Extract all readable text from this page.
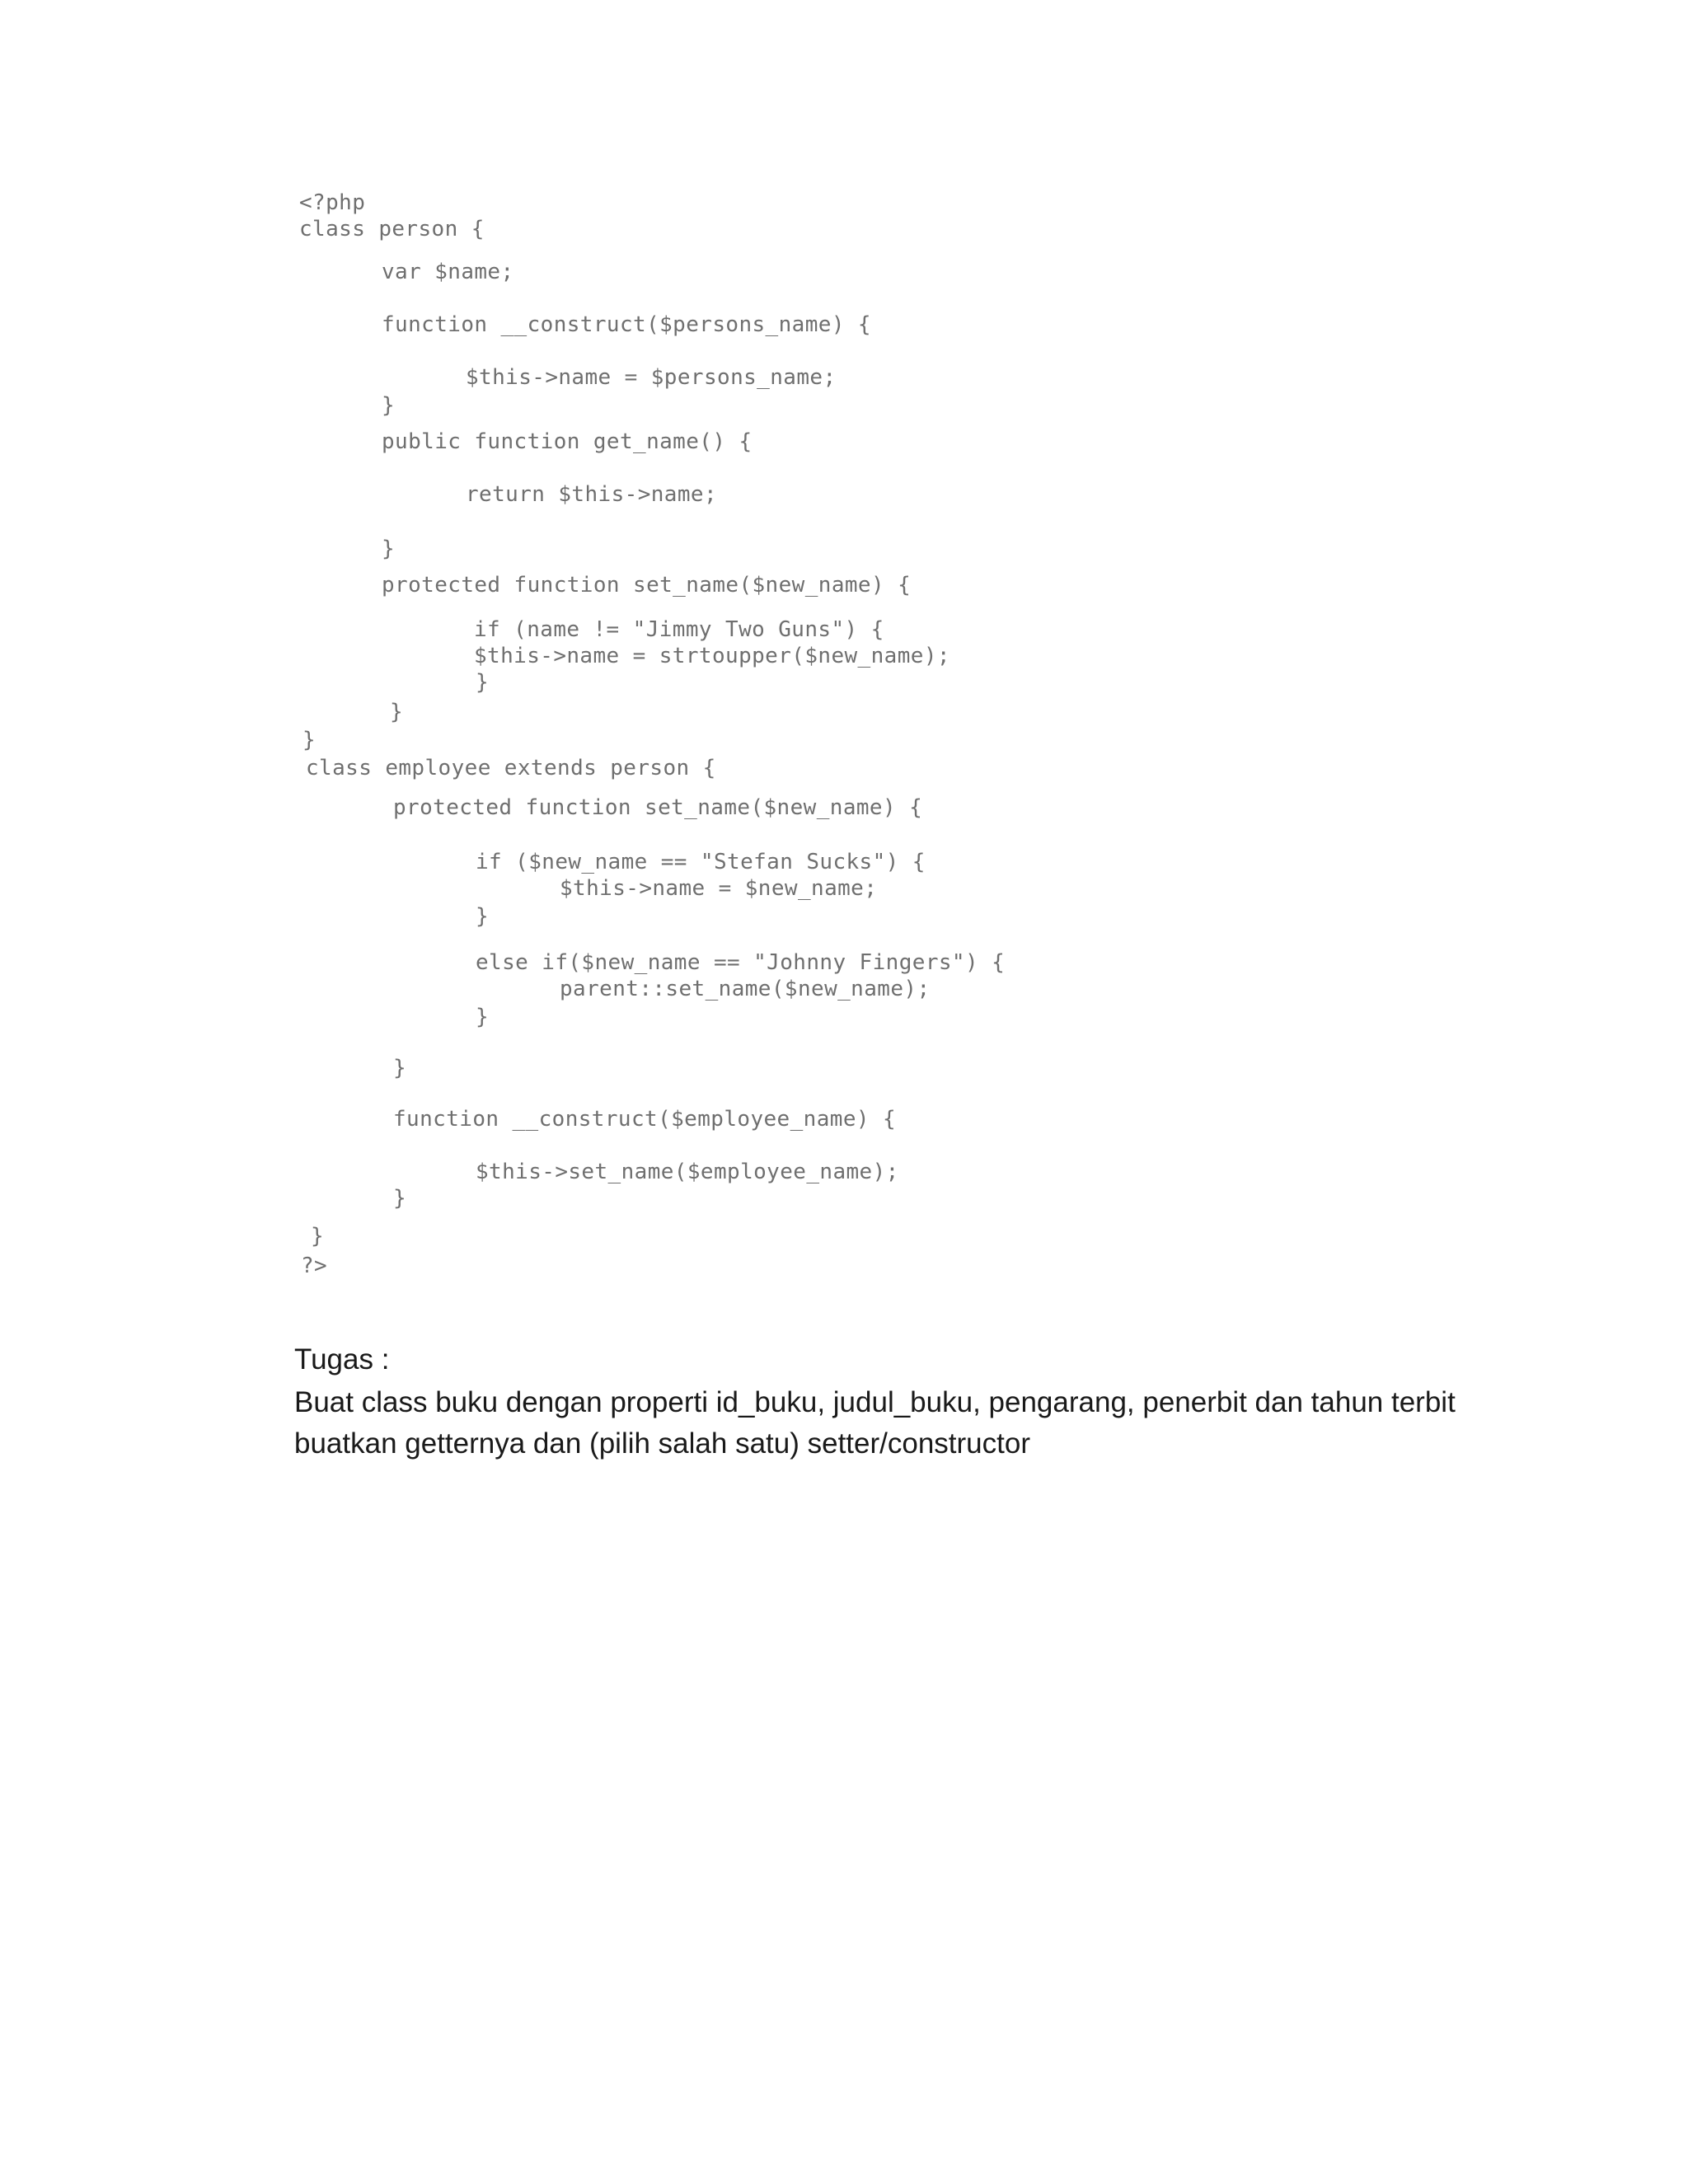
<?php
class person {
var $name;
function __construct($persons_name) {
$this->name = $persons_name;
}
public function get_name() {
return $this->name;
}
protected function set_name($new_name) {
if (name != "Jimmy Two Guns") {
$this->name = strtoupper($new_name);
}
}
}
class employee extends person {
protected function set_name($new_name) {
if ($new_name == "Stefan Sucks") {
$this->name = $new_name;
}
else if($new_name == "Johnny Fingers") {
parent::set_name($new_name);
}
}
function __construct($employee_name) {
$this->set_name($employee_name);
}
}
?>

Tugas :

Buat class buku dengan properti id_buku, judul_buku, pengarang, penerbit dan tahun terbit
buatkan getternya dan (pilih salah satu) setter/constructor
